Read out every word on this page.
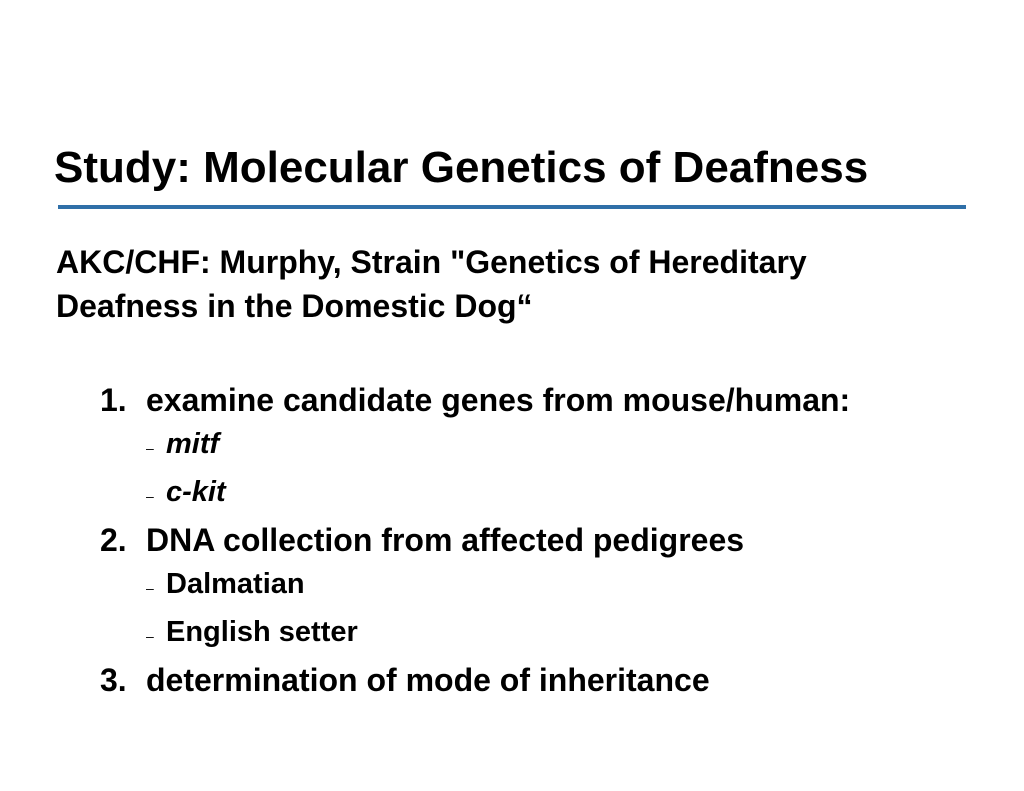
Study: Molecular Genetics of Deafness
AKC/CHF: Murphy, Strain "Genetics of Hereditary
Deafness in the Domestic Dog“
1. examine candidate genes from mouse/human:
– mitf
– c-kit
2. DNA collection from affected pedigrees
– Dalmatian
– English setter
3. determination of mode of inheritance
